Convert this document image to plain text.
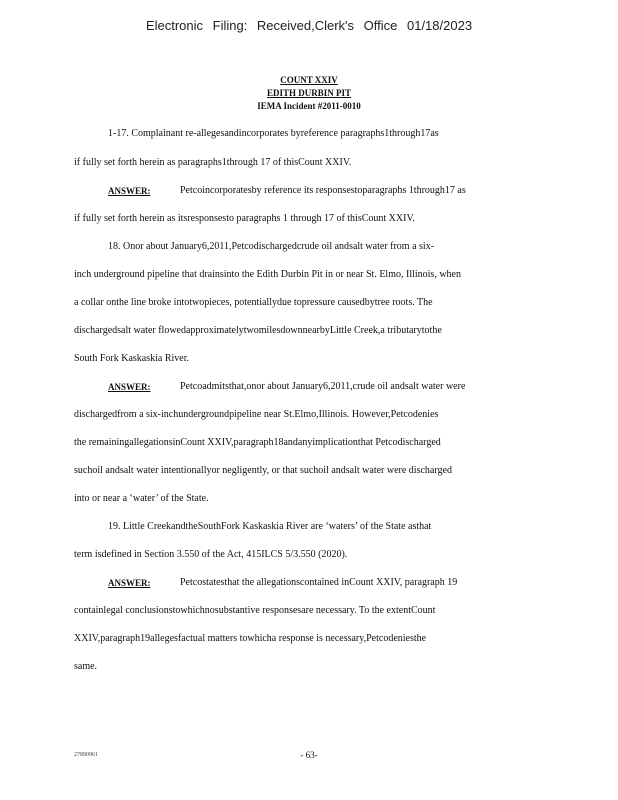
Electronic Filing: Received,Clerk's Office 01/18/2023
COUNT XXIV
EDITH DURBIN PIT
IEMA Incident #2011-0010
1-17. Complainant re-allegesandincorporates byreference paragraphs1through17as
if fully set forth herein as paragraphs1through 17 of thisCount XXIV.
ANSWER:	Petcoincorporatesby reference its responsestoparagraphs 1through17 as
if fully set forth herein as itsresponsesto paragraphs 1 through 17 of thisCount XXIV.
18. Onor about January6,2011,Petcodischargedcrude oil andsalt water from a six-
inch underground pipeline that drainsinto the Edith Durbin Pit in or near St. Elmo, Illinois, when
a collar onthe line broke intotwopieces, potentiallydue topressure causedbytree roots. The
dischargedsalt water flowedapproximatelytwomilesdownnearbyLittle Creek,a tributarytothe
South Fork Kaskaskia River.
ANSWER:	Petcoadmitsthat,onor about January6,2011,crude oil andsalt water were
dischargedfrom a six-inchundergroundpipeline near St.Elmo,Illinois. However,Petcodenies
the remainingallegationsinCount XXIV,paragraph18andanyimplicationthat Petcodischarged
suchoil andsalt water intentionallyor negligently, or that suchoil andsalt water were discharged
into or near a ‘water’ of the State.
19. Little CreekandtheSouthFork Kaskaskia River are ‘waters’ of the State asthat
term isdefined in Section 3.550 of the Act, 415ILCS 5/3.550 (2020).
ANSWER:	Petcostatesthat the allegationscontained inCount XXIV, paragraph 19
containlegal conclusionstowhichnosubstantive responsesare necessary. To the extentCount
XXIV,paragraph19allegesfactual matters towhicha response is necessary,Petcodeniesthe
same.
27890961	- 63-
